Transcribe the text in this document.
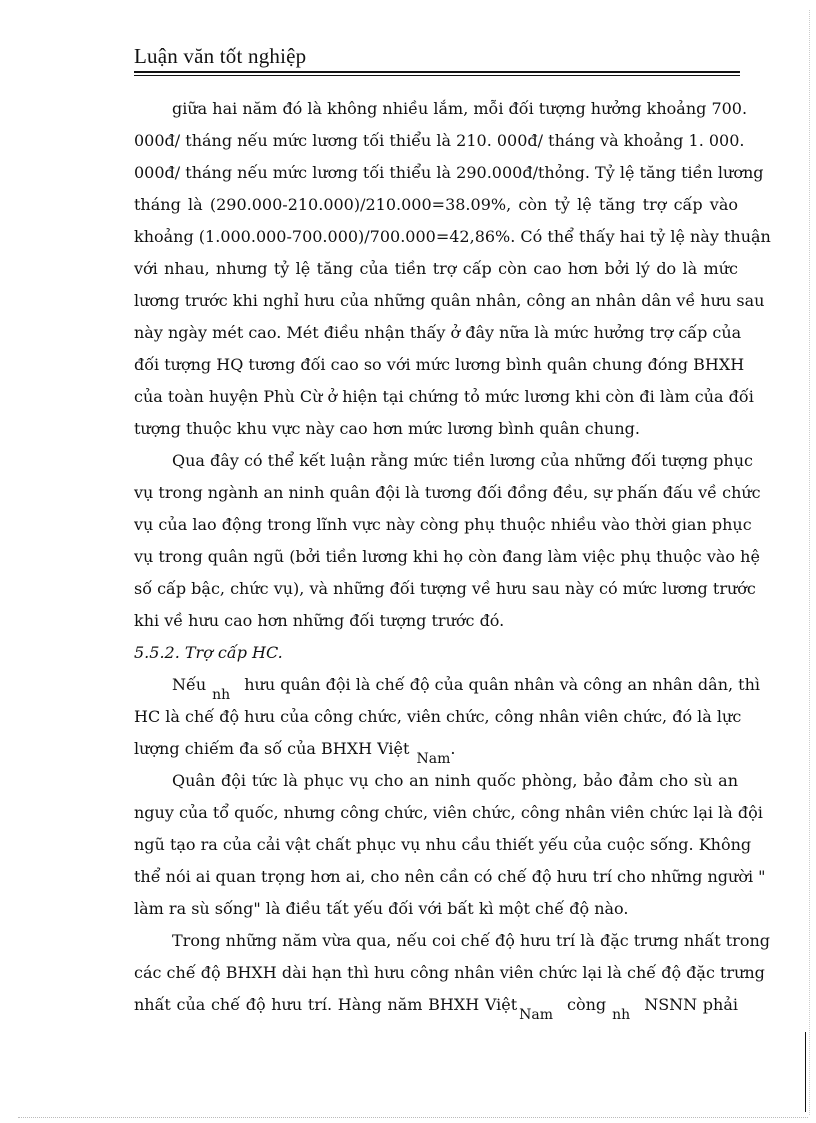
Luận văn tốt nghiệp
giữa hai năm đó là không nhiều lắm, mỗi đối tượng hưởng khoảng 700.
000đ/ tháng nếu mức lương tối thiểu là 210. 000đ/ tháng và khoảng 1. 000.
000đ/ tháng nếu mức lương tối thiểu là 290.000đ/thỏng. Tỷ lệ tăng tiền lương
tháng là (290.000-210.000)/210.000=38.09%, còn tỷ lệ tăng trợ cấp vào
khoảng (1.000.000-700.000)/700.000=42,86%. Có thể thấy hai tỷ lệ này thuận
với nhau, nhưng tỷ lệ tăng của tiền trợ cấp còn cao hơn bởi lý do là mức
lương trước khi nghỉ hưu của những quân nhân, công an nhân dân về hưu sau
này ngày mét cao. Mét điều nhận thấy ở đây nữa là mức hưởng trợ cấp của
đối tượng HQ tương đối cao so với mức lương bình quân chung đóng BHXH
của toàn huyện Phù Cừ ở hiện tại chứng tỏ mức lương khi còn đi làm của đối
tượng thuộc khu vực này cao hơn mức lương bình quân chung.
Qua đây có thể kết luận rằng mức tiền lương của những đối tượng phục
vụ trong ngành an ninh quân đội là tương đối đồng đều, sự phấn đấu về chức
vụ của lao động trong lĩnh vực này còng phụ thuộc nhiều vào thời gian phục
vụ trong quân ngũ (bởi tiền lương khi họ còn đang làm việc phụ thuộc vào hệ
số cấp bậc, chức vụ), và những đối tượng về hưu sau này có mức lương trước
khi về hưu cao hơn những đối tượng trước đó.
5.5.2. Trợ cấp HC.
Nếunhhưu quân đội là chế độ của quân nhân và công an nhân dân, thì
HC là chế độ hưu của công chức, viên chức, công nhân viên chức, đó là lực
lượng chiếm đa số của BHXH Việt Nam.
Quân đội tức là phục vụ cho an ninh quốc phòng, bảo đảm cho sù an
nguy của tổ quốc, nhưng công chức, viên chức, công nhân viên chức lại là đội
ngũ tạo ra của cải vật chất phục vụ nhu cầu thiết yếu của cuộc sống. Không
thể nói ai quan trọng hơn ai, cho nên cần có chế độ hưu trí cho những người "
làm ra sù sống" là điều tất yếu đối với bất kì một chế độ nào.
Trong những năm vừa qua, nếu coi chế độ hưu trí là đặc trưng nhất trong
các chế độ BHXH dài hạn thì hưu công nhân viên chức lại là chế độ đặc trưng
nhất của chế độ hưu trí. Hàng năm BHXH ViệtNamcòngnhNSNN phải
